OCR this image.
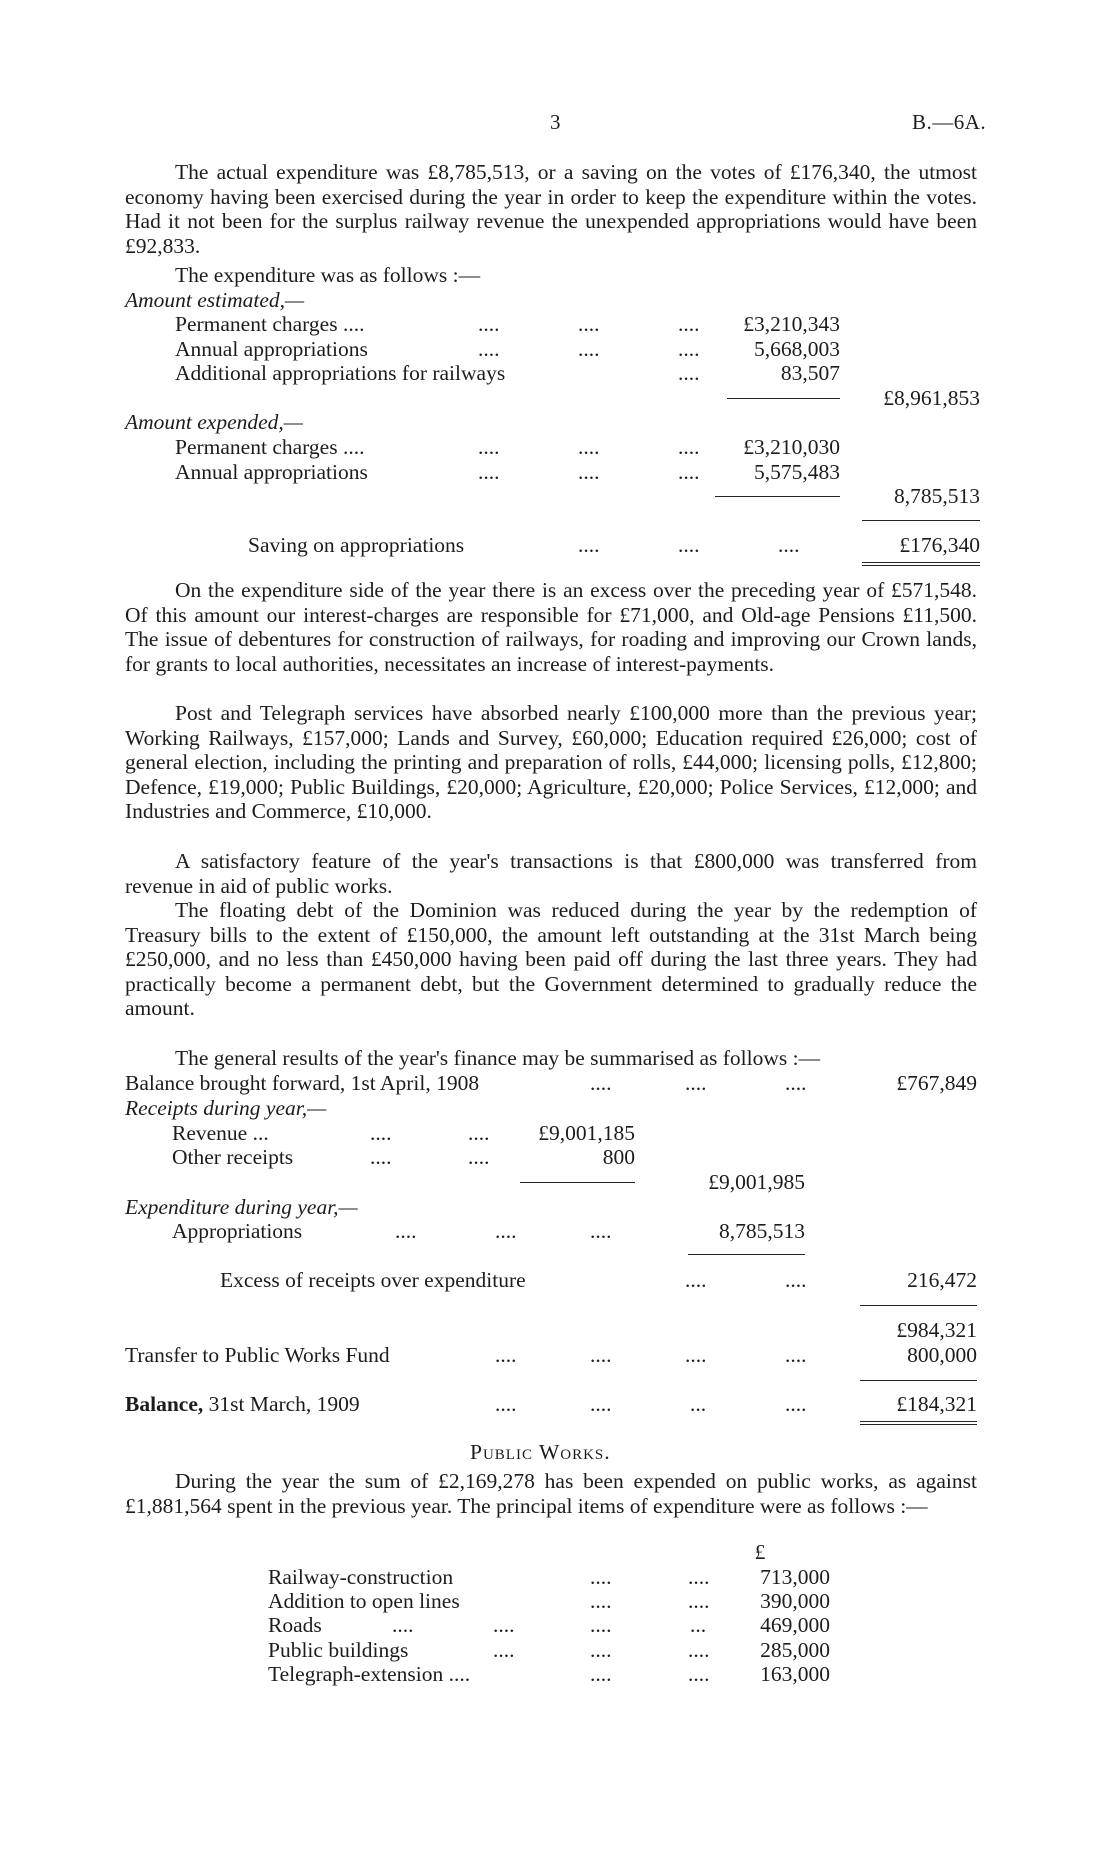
3	B.—6A.

The actual expenditure was £8,785,513, or a saving on the votes of £176,340, the utmost economy having been exercised during the year in order to keep the expenditure within the votes. Had it not been for the surplus railway revenue the unexpended appropriations would have been £92,833.

The expenditure was as follows :—

Amount estimated,—
Permanent charges ....	....	....	....	£3,210,343
Annual appropriations	....	....	....	5,668,003
Additional appropriations for railways	....	83,507
£8,961,853
Amount expended,—
Permanent charges ....	....	....	....	£3,210,030
Annual appropriations	....	....	....	5,575,483
8,785,513
Saving on appropriations	....	....	....	£176,340

On the expenditure side of the year there is an excess over the preceding year of £571,548. Of this amount our interest-charges are responsible for £71,000, and Old-age Pensions £11,500. The issue of debentures for construction of railways, for roading and improving our Crown lands, for grants to local authorities, necessitates an increase of interest-payments.

Post and Telegraph services have absorbed nearly £100,000 more than the previous year; Working Railways, £157,000; Lands and Survey, £60,000; Education required £26,000; cost of general election, including the printing and preparation of rolls, £44,000; licensing polls, £12,800; Defence, £19,000; Public Buildings, £20,000; Agriculture, £20,000; Police Services, £12,000; and Industries and Commerce, £10,000.

A satisfactory feature of the year's transactions is that £800,000 was transferred from revenue in aid of public works.

The floating debt of the Dominion was reduced during the year by the redemption of Treasury bills to the extent of £150,000, the amount left outstanding at the 31st March being £250,000, and no less than £450,000 having been paid off during the last three years. They had practically become a permanent debt, but the Government determined to gradually reduce the amount.

The general results of the year's finance may be summarised as follows :—

Balance brought forward, 1st April, 1908	....	....	....	£767,849
Receipts during year,—
Revenue ...	....	....	£9,001,185
Other receipts	....	....	800
£9,001,985
Expenditure during year,—
Appropriations	....	....	....	8,785,513
Excess of receipts over expenditure	....	....	216,472
£984,321
Transfer to Public Works Fund	....	....	....	....	800,000
Balance, 31st March, 1909	....	....	...	....	£184,321
Public Works.

During the year the sum of £2,169,278 has been expended on public works, as against £1,881,564 spent in the previous year. The principal items of expenditure were as follows :—

£
Railway-construction	....	....	713,000
Addition to open lines	....	....	390,000
Roads	....	....	....	...	469,000
Public buildings	....	....	....	285,000
Telegraph-extension ....	....	....	163,000
